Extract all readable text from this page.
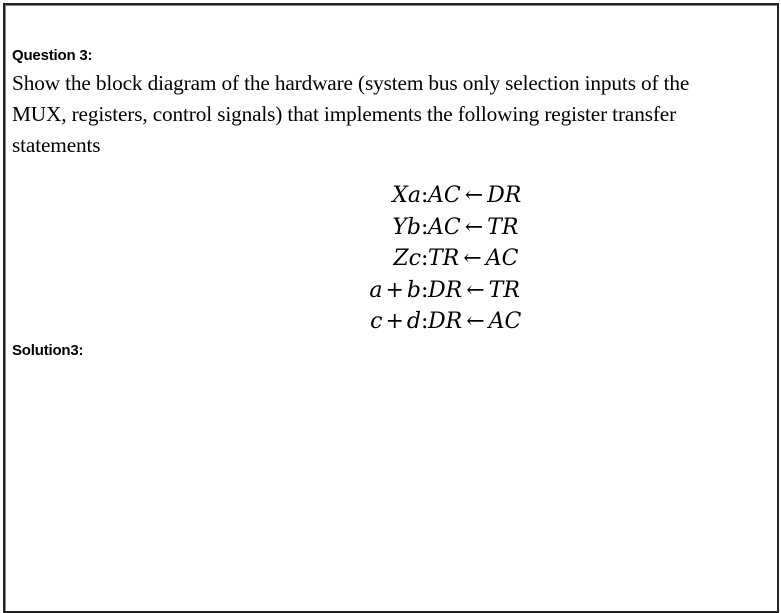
Question 3:
Show the block diagram of the hardware (system bus only selection inputs of the
MUX, registers, control signals) that implements the following register transfer
statements
Xa : AC ← DR
Yb : AC ← TR
Zc : TR ← AC
a + b : DR ← TR
c + d : DR ← AC
Solution3:
